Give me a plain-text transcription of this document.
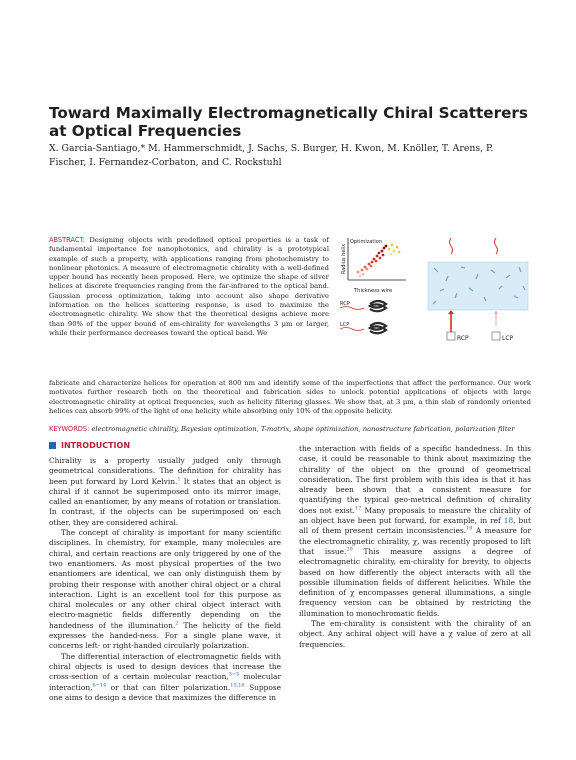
Toward Maximally Electromagnetically Chiral Scatterers at Optical Frequencies

X. Garcia-Santiago,* M. Hammerschmidt, J. Sachs, S. Burger, H. Kwon, M. Knöller, T. Arens, P. Fischer, I. Fernandez-Corbaton, and C. Rockstuhl

ABSTRACT: Designing objects with predefined optical properties is a task of fundamental importance for nanophotonics, and chirality is a prototypical example of such a property, with applications ranging from photochemistry to nonlinear photonics. A measure of electromagnetic chirality with a well-defined upper bound has recently been proposed. Here, we optimize the shape of silver helices at discrete frequencies ranging from the far-infrared to the optical band. Gaussian process optimization, taking into account also shape derivative information on the helices scattering response, is used to maximize the electromagnetic chirality. We show that the theoretical designs achieve more than 90% of the upper bound of em-chirality for wavelengths 3 μm or larger, while their performance decreases toward the optical band. We

fabricate and characterize helices for operation at 800 nm and identify some of the imperfections that affect the performance. Our work motivates further research both on the theoretical and fabrication sides to unlock potential applications of objects with large electromagnetic chirality at optical frequencies, such as helicity filtering glasses. We show that, at 3 μm, a thin slab of randomly oriented helices can absorb 99% of the light of one helicity while absorbing only 10% of the opposite helicity.

Radius helix
Thickness wire
Optimization
RCP
LCP
RCP	LCP

KEYWORDS: electromagnetic chirality, Bayesian optimization, T-matrix, shape optimization, nanostructure fabrication, polarization filter

INTRODUCTION

Chirality is a property usually judged only through geometrical considerations. The definition for chirality has been put forward by Lord Kelvin.$^1$ It states that an object is chiral if it cannot be superimposed onto its mirror image, called an enantiomer, by any means of rotation or translation. In contrast, if the objects can be superimposed on each other, they are considered achiral.

The concept of chirality is important for many scientific disciplines. In chemistry, for example, many molecules are chiral, and certain reactions are only triggered by one of the two enantiomers. As most physical properties of the two enantiomers are identical, we can only distinguish them by probing their response with another chiral object or a chiral interaction. Light is an excellent tool for this purpose as chiral molecules or any other chiral object interact with electro-magnetic fields differently depending on the handedness of the illumination.$^2$ The helicity of the field expresses the handed-ness. For a single plane wave, it concerns left- or right-handed circularly polarization.

The differential interaction of electromagnetic fields with chiral objects is used to design devices that increase the cross-section of a certain molecular reaction,$^{3-5}$ molecular interaction,$^{6-14}$ or that can filter polarization.$^{15,16}$ Suppose one aims to design a device that maximizes the difference in

the interaction with fields of a specific handedness. In this case, it could be reasonable to think about maximizing the chirality of the object on the ground of geometrical consideration. The first problem with this idea is that it has already been shown that a consistent measure for quantifying the typical geo-metrical definition of chirality does not exist.$^{17}$ Many proposals to measure the chirality of an object have been put forward, for example, in ref 18, but all of them present certain inconsistencies.$^{19}$ A measure for the electromagnetic chirality, χ, was recently proposed to lift that issue.$^{20}$ This measure assigns a degree of electromagnetic chirality, em-chirality for brevity, to objects based on how differently the object interacts with all the possible illumination fields of different helicities. While the definition of χ encompasses general illuminations, a single frequency version can be obtained by restricting the illumination to monochromatic fields.

The em-chirality is consistent with the chirality of an object. Any achiral object will have a χ value of zero at all frequencies.
